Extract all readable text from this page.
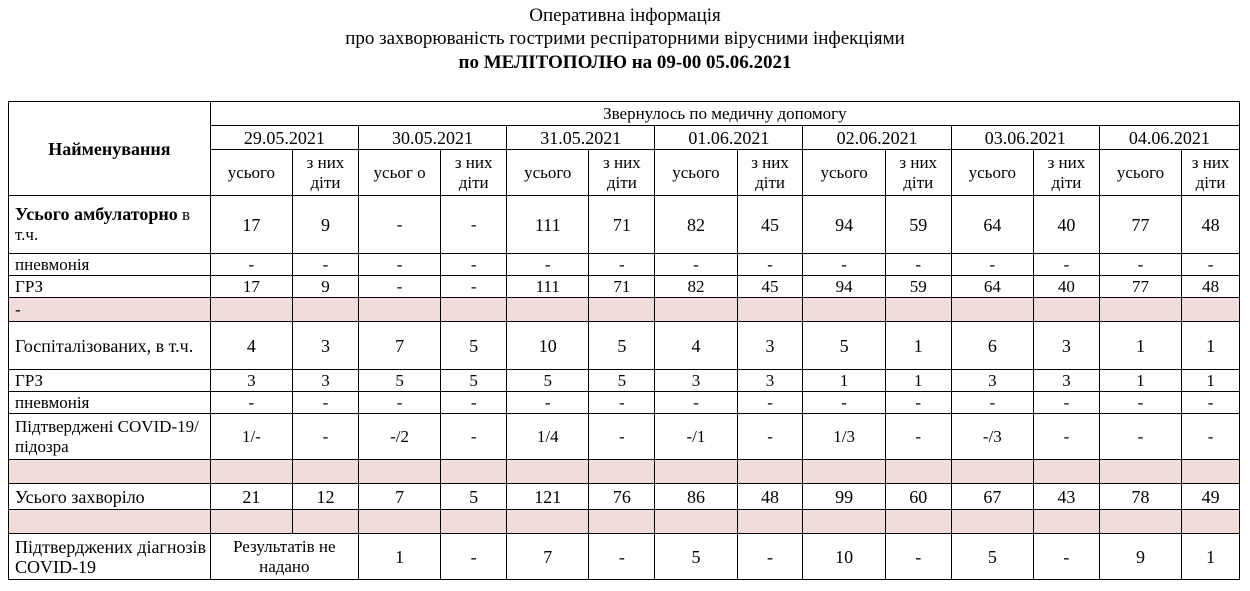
Оперативна інформація
про захворюваність гострими респіраторними вірусними інфекціями
по МЕЛІТОПОЛЮ на 09-00 05.06.2021
Найменування	Звернулось по медичну допомогу													
	29.05.2021		30.05.2021		31.05.2021		01.06.2021		02.06.2021		03.06.2021		04.06.2021	
	усього	з них діти	усьог о	з них діти	усього	з них діти	усього	з них діти	усього	з них діти	усього	з них діти	усього	з них діти
Усього амбулаторно в т.ч.	17	9	-	-	111	71	82	45	94	59	64	40	77	48
пневмонія	-	-	-	-	-	-	-	-	-	-	-	-	-	-
ГРЗ	17	9	-	-	111	71	82	45	94	59	64	40	77	48
-														
Госпіталізованих, в т.ч.	4	3	7	5	10	5	4	3	5	1	6	3	1	1
ГРЗ	3	3	5	5	5	5	3	3	1	1	3	3	1	1
пневмонія	-	-	-	-	-	-	-	-	-	-	-	-	-	-
Підтверджені COVID-19/підозра	1/-	-	-/2	-	1/4	-	-/1	-	1/3	-	-/3	-	-	-

Усього захворіло	21	12	7	5	121	76	86	48	99	60	67	43	78	49

Підтверджених діагнозів COVID-19	Результатів не надано		1	-	7	-	5	-	10	-	5	-	9	1
